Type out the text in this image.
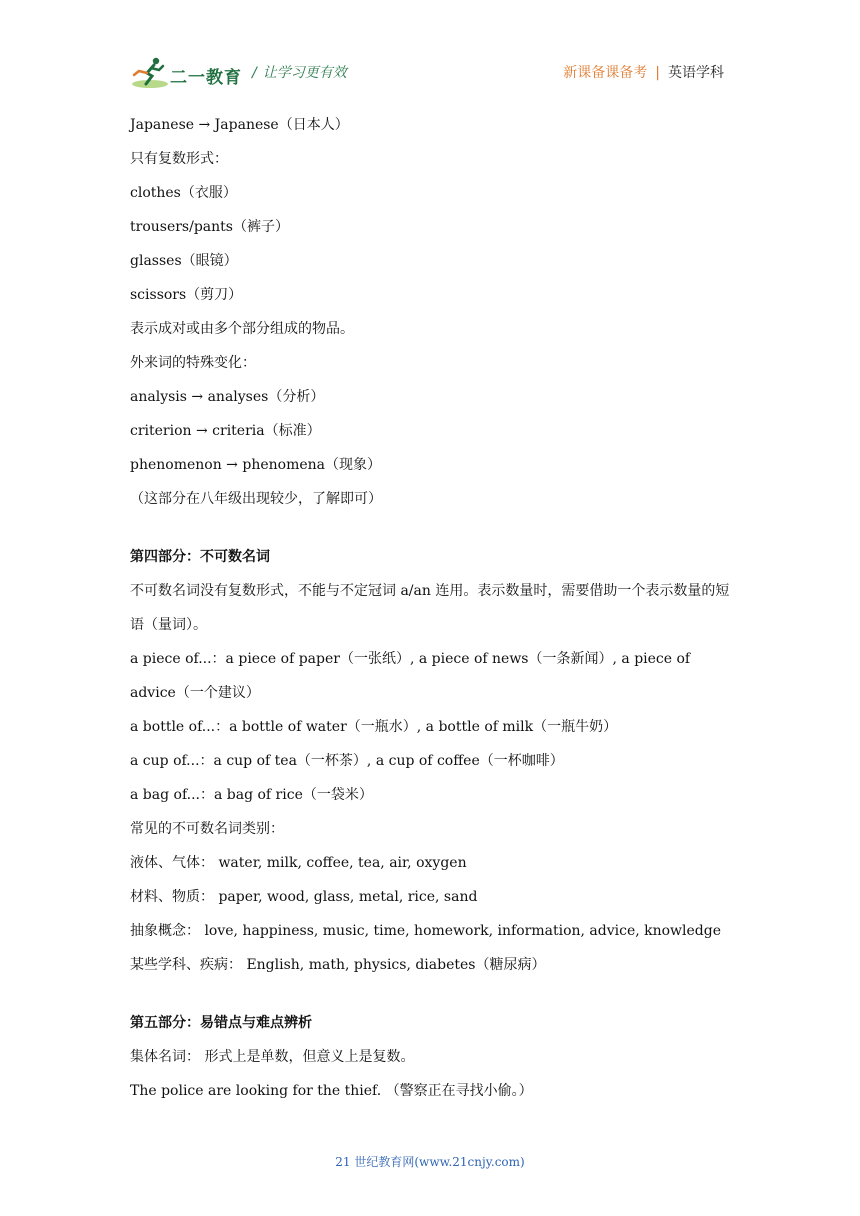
二一教育 / 让学习更有效	新课备课备考 | 英语学科
Japanese → Japanese（日本人）
只有复数形式：
clothes（衣服）
trousers/pants（裤子）
glasses（眼镜）
scissors（剪刀）
表示成对或由多个部分组成的物品。
外来词的特殊变化：
analysis → analyses（分析）
criterion → criteria（标准）
phenomenon → phenomena（现象）
（这部分在八年级出现较少，了解即可）
第四部分：不可数名词
不可数名词没有复数形式，不能与不定冠词 a/an 连用。表示数量时，需要借助一个表示数量的短语（量词）。
a piece of...：a piece of paper（一张纸）, a piece of news（一条新闻）, a piece of advice（一个建议）
a bottle of...：a bottle of water（一瓶水）, a bottle of milk（一瓶牛奶）
a cup of...：a cup of tea（一杯茶）, a cup of coffee（一杯咖啡）
a bag of...：a bag of rice（一袋米）
常见的不可数名词类别：
液体、气体： water, milk, coffee, tea, air, oxygen
材料、物质： paper, wood, glass, metal, rice, sand
抽象概念： love, happiness, music, time, homework, information, advice, knowledge
某些学科、疾病： English, math, physics, diabetes（糖尿病）
第五部分：易错点与难点辨析
集体名词： 形式上是单数，但意义上是复数。
The police are looking for the thief. （警察正在寻找小偷。）
21 世纪教育网(www.21cnjy.com)
